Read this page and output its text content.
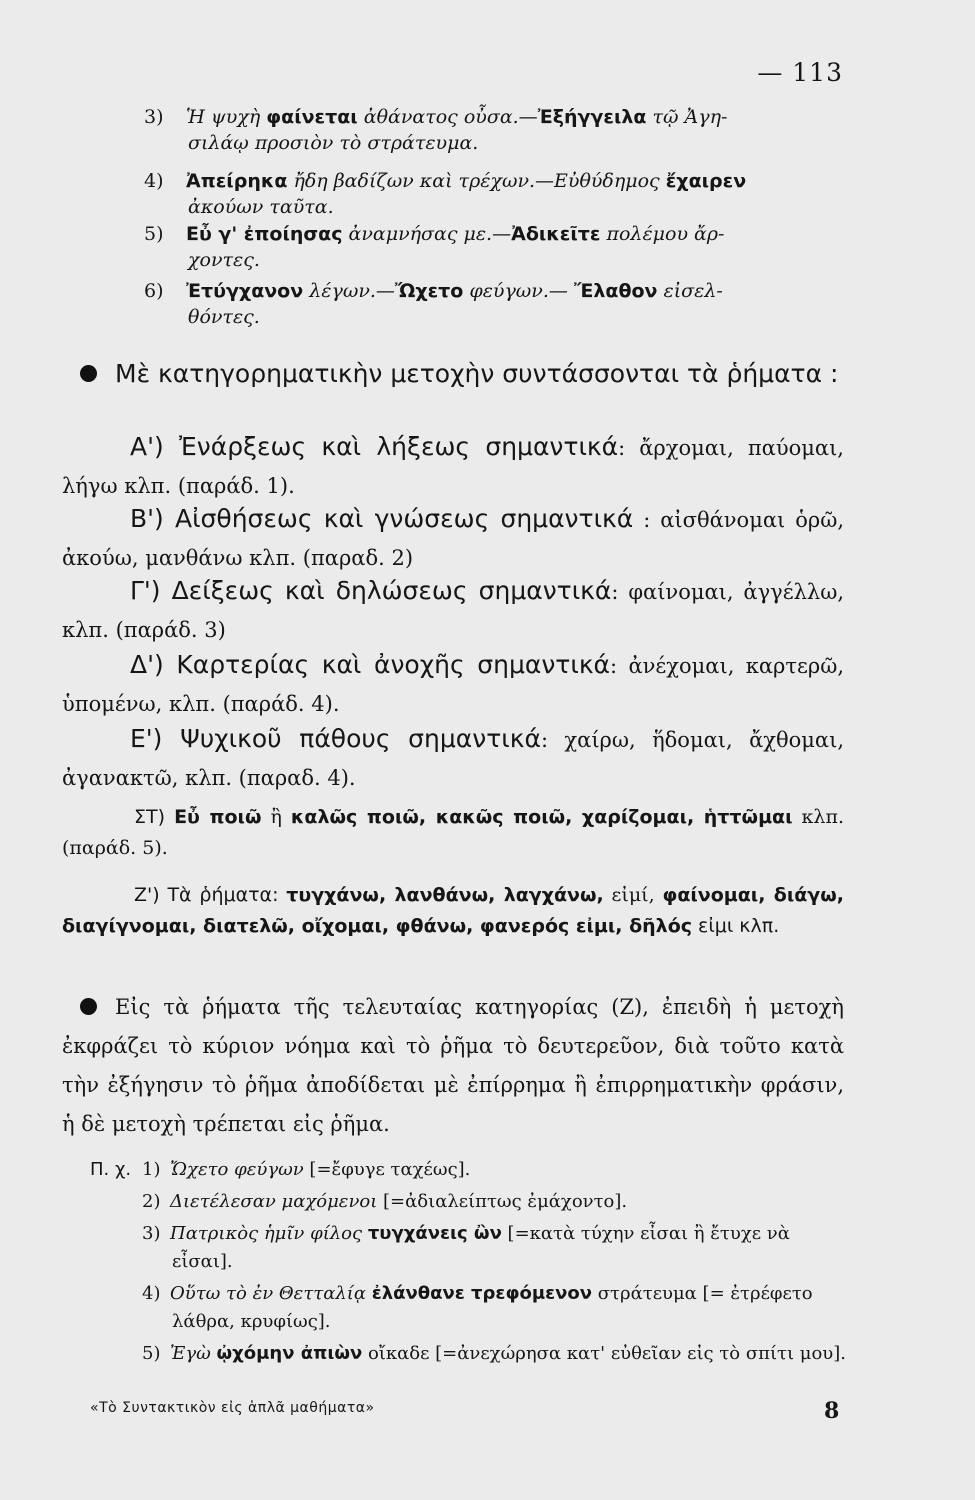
— 113
3) Ἡ ψυχὴ φαίνεται ἀθάνατος οὖσα.—Ἐξήγγειλα τῷ Ἀγη-
σιλάῳ προσιὸν τὸ στράτευμα.
4) Ἀπείρηκα ἤδη βαδίζων καὶ τρέχων.—Εὐθύδημος ἔχαιρεν
ἀκούων ταῦτα.
5) Εὖ γ' ἐποίησας ἀναμνήσας με.—Ἀδικεῖτε πολέμου ἄρ-
χοντες.
6) Ἐτύγχανον λέγων.—Ὤχετο φεύγων.— Ἔλαθον εἰσελ-
θόντες.
Μὲ κατηγορηματικὴν μετοχὴν συντάσσονται τὰ ῥήματα :
Α') Ἐνάρξεως καὶ λήξεως σημαντικά: ἄρχομαι, παύομαι, λήγω κλπ. (παράδ. 1).
Β') Αἰσθήσεως καὶ γνώσεως σημαντικά : αἰσθάνομαι ὁρῶ, ἀκούω, μανθάνω κλπ. (παραδ. 2)
Γ') Δείξεως καὶ δηλώσεως σημαντικά: φαίνομαι, ἀγγέλλω, κλπ. (παράδ. 3)
Δ') Καρτερίας καὶ ἀνοχῆς σημαντικά: ἀνέχομαι, καρτερῶ, ὑπομένω, κλπ. (παράδ. 4).
Ε') Ψυχικοῦ πάθους σημαντικά: χαίρω, ἥδομαι, ἄχθομαι, ἀγανακτῶ, κλπ. (παραδ. 4).
ΣΤ) Εὖ ποιῶ ἢ καλῶς ποιῶ, κακῶς ποιῶ, χαρίζομαι, ἡττῶμαι κλπ. (παράδ. 5).
Ζ') Τὰ ῥήματα: τυγχάνω, λανθάνω, λαγχάνω, εἰμί, φαίνομαι, διάγω, διαγίγνομαι, διατελῶ, οἴχομαι, φθάνω, φανερός εἰμι, δῆλός εἰμι κλπ.
Εἰς τὰ ῥήματα τῆς τελευταίας κατηγορίας (Ζ), ἐπειδὴ ἡ μετοχὴ ἐκφράζει τὸ κύριον νόημα καὶ τὸ ῥῆμα τὸ δευτερεῦον, διὰ τοῦτο κατὰ τὴν ἐξήγησιν τὸ ῥῆμα ἀποδίδεται μὲ ἐπίρρημα ἢ ἐπιρρηματικὴν φράσιν, ἡ δὲ μετοχὴ τρέπεται εἰς ῥῆμα.
Π. χ. 1) Ὤχετο φεύγων [=ἔφυγε ταχέως].
2) Διετέλεσαν μαχόμενοι [=ἀδιαλείπτως ἐμάχοντο].
3) Πατρικὸς ἡμῖν φίλος τυγχάνεις ὢν [=κατὰ τύχην εἶσαι ἢ ἔτυχε νὰ εἶσαι].
4) Οὕτω τὸ ἐν Θετταλίᾳ ἐλάνθανε τρεφόμενον στράτευμα [= ἐτρέφετο λάθρα, κρυφίως].
5) Ἐγὼ ᾠχόμην ἀπιὼν οἴκαδε [=ἀνεχώρησα κατ' εὐθεῖαν εἰς τὸ σπίτι μου].
«Τὸ Συντακτικὸν εἰς ἁπλᾶ μαθήματα»	8
